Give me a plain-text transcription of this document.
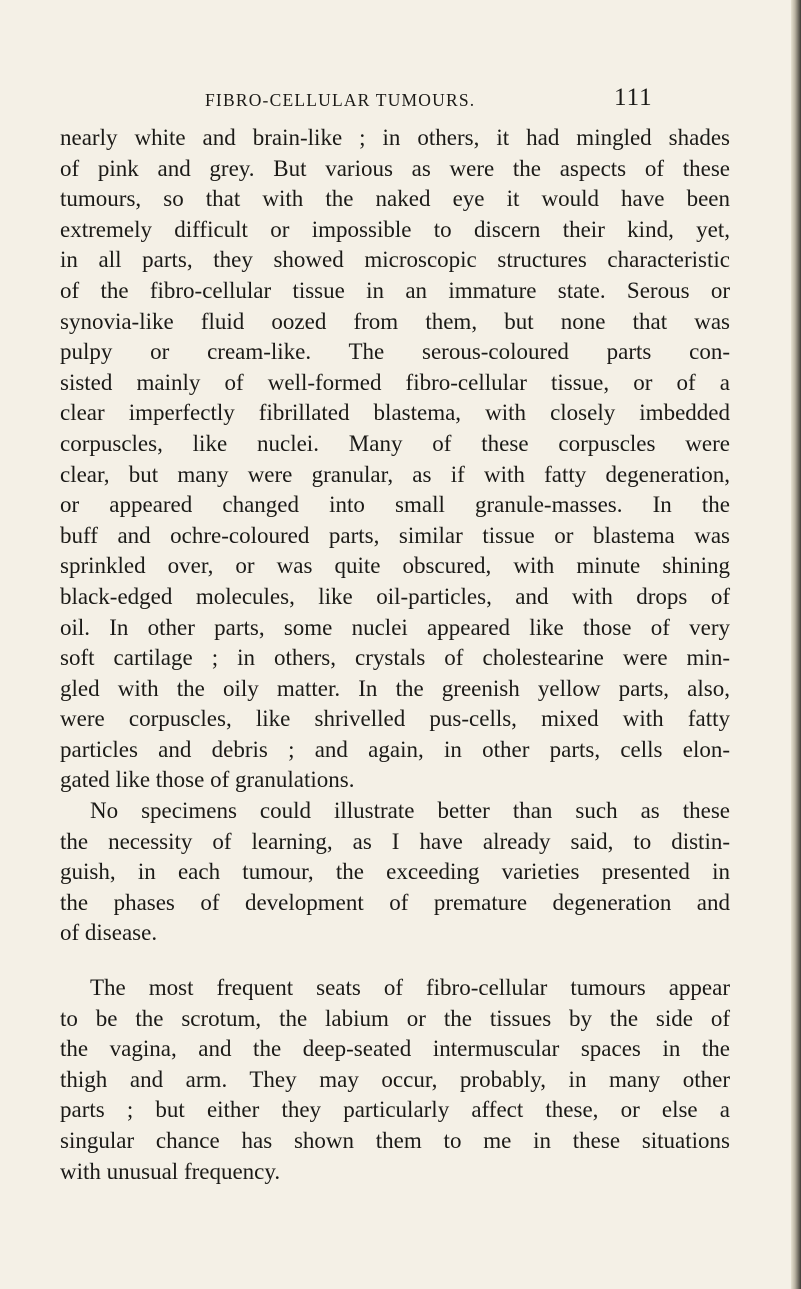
FIBRO-CELLULAR TUMOURS.	111
nearly white and brain-like ; in others, it had mingled shades
of pink and grey. But various as were the aspects of these
tumours, so that with the naked eye it would have been
extremely difficult or impossible to discern their kind, yet,
in all parts, they showed microscopic structures characteristic
of the fibro-cellular tissue in an immature state. Serous or
synovia-like fluid oozed from them, but none that was
pulpy or cream-like. The serous-coloured parts con-
sisted mainly of well-formed fibro-cellular tissue, or of a
clear imperfectly fibrillated blastema, with closely imbedded
corpuscles, like nuclei. Many of these corpuscles were
clear, but many were granular, as if with fatty degeneration,
or appeared changed into small granule-masses. In the
buff and ochre-coloured parts, similar tissue or blastema was
sprinkled over, or was quite obscured, with minute shining
black-edged molecules, like oil-particles, and with drops of
oil. In other parts, some nuclei appeared like those of very
soft cartilage ; in others, crystals of cholestearine were min-
gled with the oily matter. In the greenish yellow parts, also,
were corpuscles, like shrivelled pus-cells, mixed with fatty
particles and debris ; and again, in other parts, cells elon-
gated like those of granulations.
No specimens could illustrate better than such as these
the necessity of learning, as I have already said, to distin-
guish, in each tumour, the exceeding varieties presented in
the phases of development of premature degeneration and
of disease.
The most frequent seats of fibro-cellular tumours appear
to be the scrotum, the labium or the tissues by the side of
the vagina, and the deep-seated intermuscular spaces in the
thigh and arm. They may occur, probably, in many other
parts ; but either they particularly affect these, or else a
singular chance has shown them to me in these situations
with unusual frequency.
